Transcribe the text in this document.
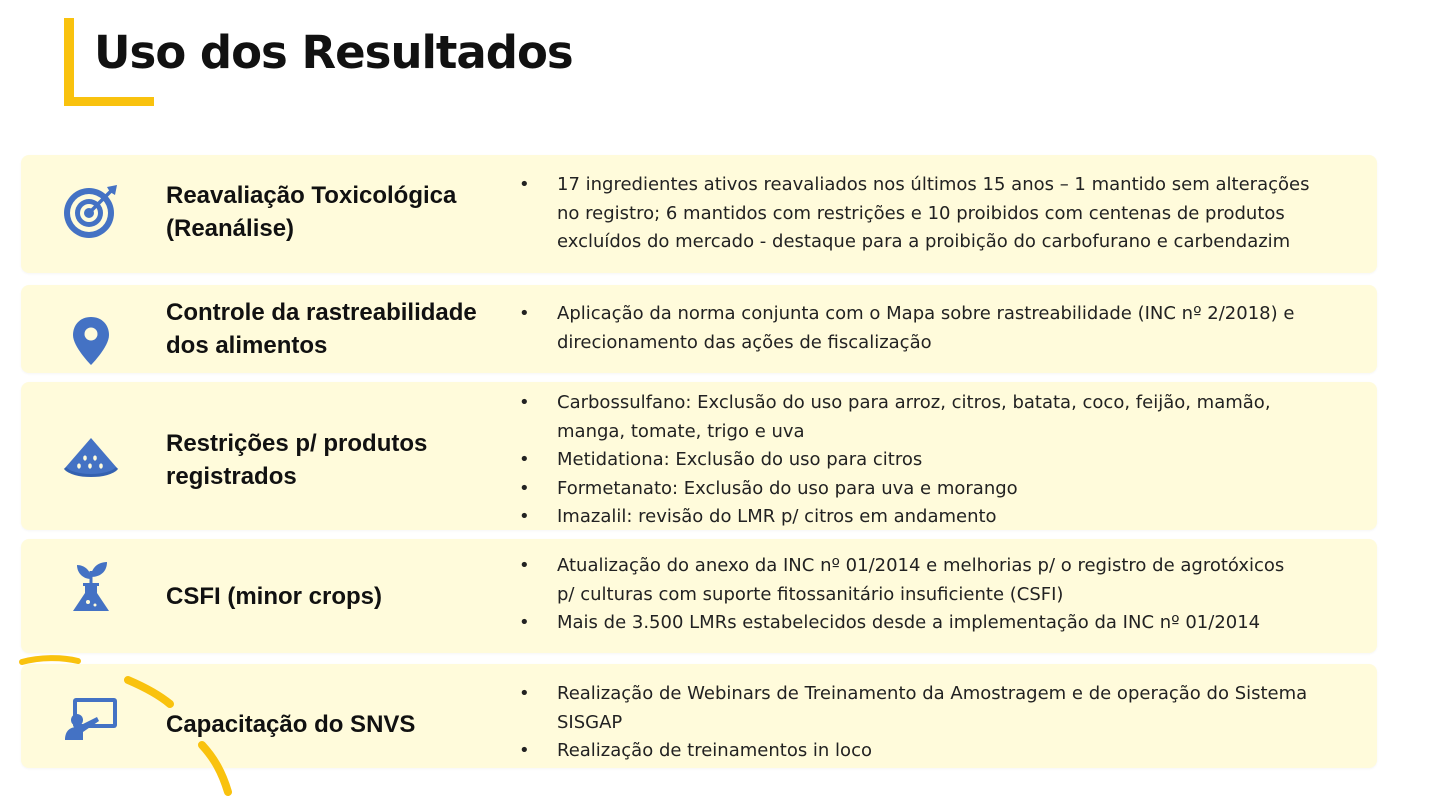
Uso dos Resultados
Reavaliação Toxicológica (Reanálise)
• 17 ingredientes ativos reavaliados nos últimos 15 anos – 1 mantido sem alterações
no registro; 6 mantidos com restrições e 10 proibidos com centenas de produtos
excluídos do mercado - destaque para a proibição do carbofurano e carbendazim
Controle da rastreabilidade dos alimentos
• Aplicação da norma conjunta com o Mapa sobre rastreabilidade (INC nº 2/2018) e
direcionamento das ações de fiscalização
Restrições p/ produtos registrados
• Carbossulfano: Exclusão do uso para arroz, citros, batata, coco, feijão, mamão,
manga, tomate, trigo e uva
• Metidationa: Exclusão do uso para citros
• Formetanato: Exclusão do uso para uva e morango
• Imazalil: revisão do LMR p/ citros em andamento
CSFI (minor crops)
• Atualização do anexo da INC nº 01/2014 e melhorias p/ o registro de agrotóxicos
p/ culturas com suporte fitossanitário insuficiente (CSFI)
• Mais de 3.500 LMRs estabelecidos desde a implementação da INC nº 01/2014
Capacitação do SNVS
• Realização de Webinars de Treinamento da Amostragem e de operação do Sistema
SISGAP
• Realização de treinamentos in loco
